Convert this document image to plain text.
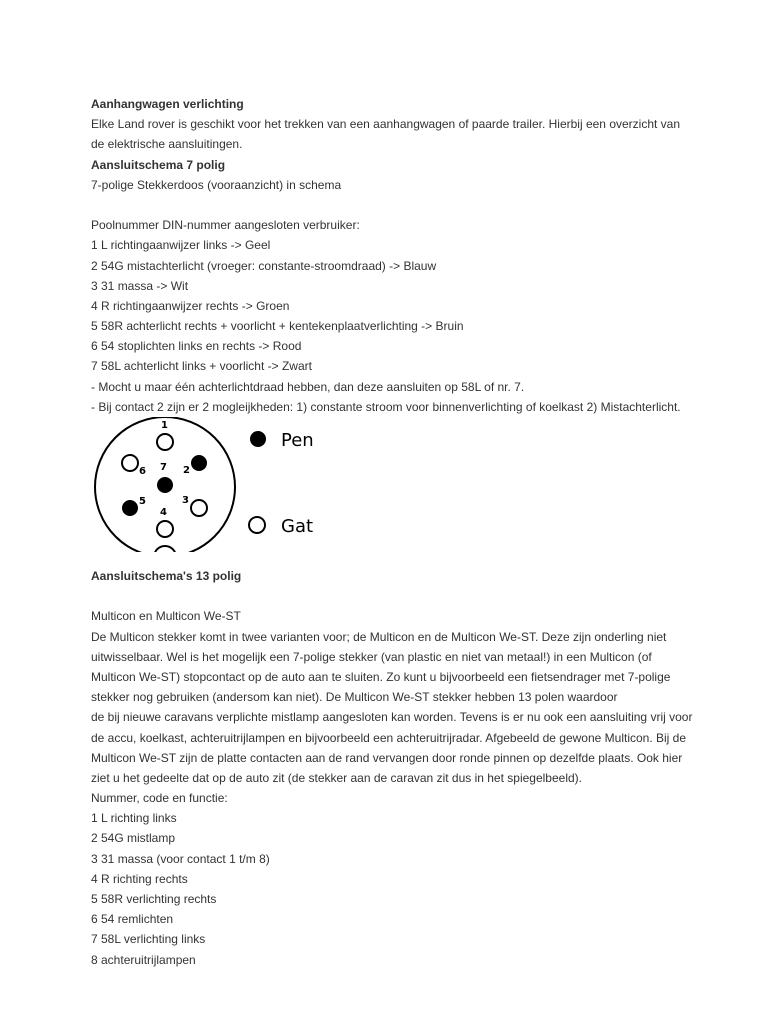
Aanhangwagen verlichting
Elke Land rover is geschikt voor het trekken van een aanhangwagen of paarde trailer. Hierbij een overzicht van
de elektrische aansluitingen.
Aansluitschema 7 polig
7-polige Stekkerdoos (vooraanzicht) in schema
Poolnummer DIN-nummer aangesloten verbruiker:
1 L richtingaanwijzer links -> Geel
2 54G mistachterlicht (vroeger: constante-stroomdraad) -> Blauw
3 31 massa -> Wit
4 R richtingaanwijzer rechts -> Groen
5 58R achterlicht rechts + voorlicht + kentekenplaatverlichting -> Bruin
6 54 stoplichten links en rechts -> Rood
7 58L achterlicht links + voorlicht -> Zwart
- Mocht u maar één achterlichtdraad hebben, dan deze aansluiten op 58L of nr. 7.
- Bij contact 2 zijn er 2 mogleijkheden: 1) constante stroom voor binnenverlichting of koelkast 2) Mistachterlicht.
1
2
3
4
5
6 7
Pen
Gat
Aansluitschema's 13 polig
Multicon en Multicon We-ST
De Multicon stekker komt in twee varianten voor; de Multicon en de Multicon We-ST. Deze zijn onderling niet
uitwisselbaar. Wel is het mogelijk een 7-polige stekker (van plastic en niet van metaal!) in een Multicon (of
Multicon We-ST) stopcontact op de auto aan te sluiten. Zo kunt u bijvoorbeeld een fietsendrager met 7-polige
stekker nog gebruiken (andersom kan niet). De Multicon We-ST stekker hebben 13 polen waardoor
de bij nieuwe caravans verplichte mistlamp aangesloten kan worden. Tevens is er nu ook een aansluiting vrij voor
de accu, koelkast, achteruitrijlampen en bijvoorbeeld een achteruitrijradar. Afgebeeld de gewone Multicon. Bij de
Multicon We-ST zijn de platte contacten aan de rand vervangen door ronde pinnen op dezelfde plaats. Ook hier
ziet u het gedeelte dat op de auto zit (de stekker aan de caravan zit dus in het spiegelbeeld).
Nummer, code en functie:
1 L richting links
2 54G mistlamp
3 31 massa (voor contact 1 t/m 8)
4 R richting rechts
5 58R verlichting rechts
6 54 remlichten
7 58L verlichting links
8 achteruitrijlampen
